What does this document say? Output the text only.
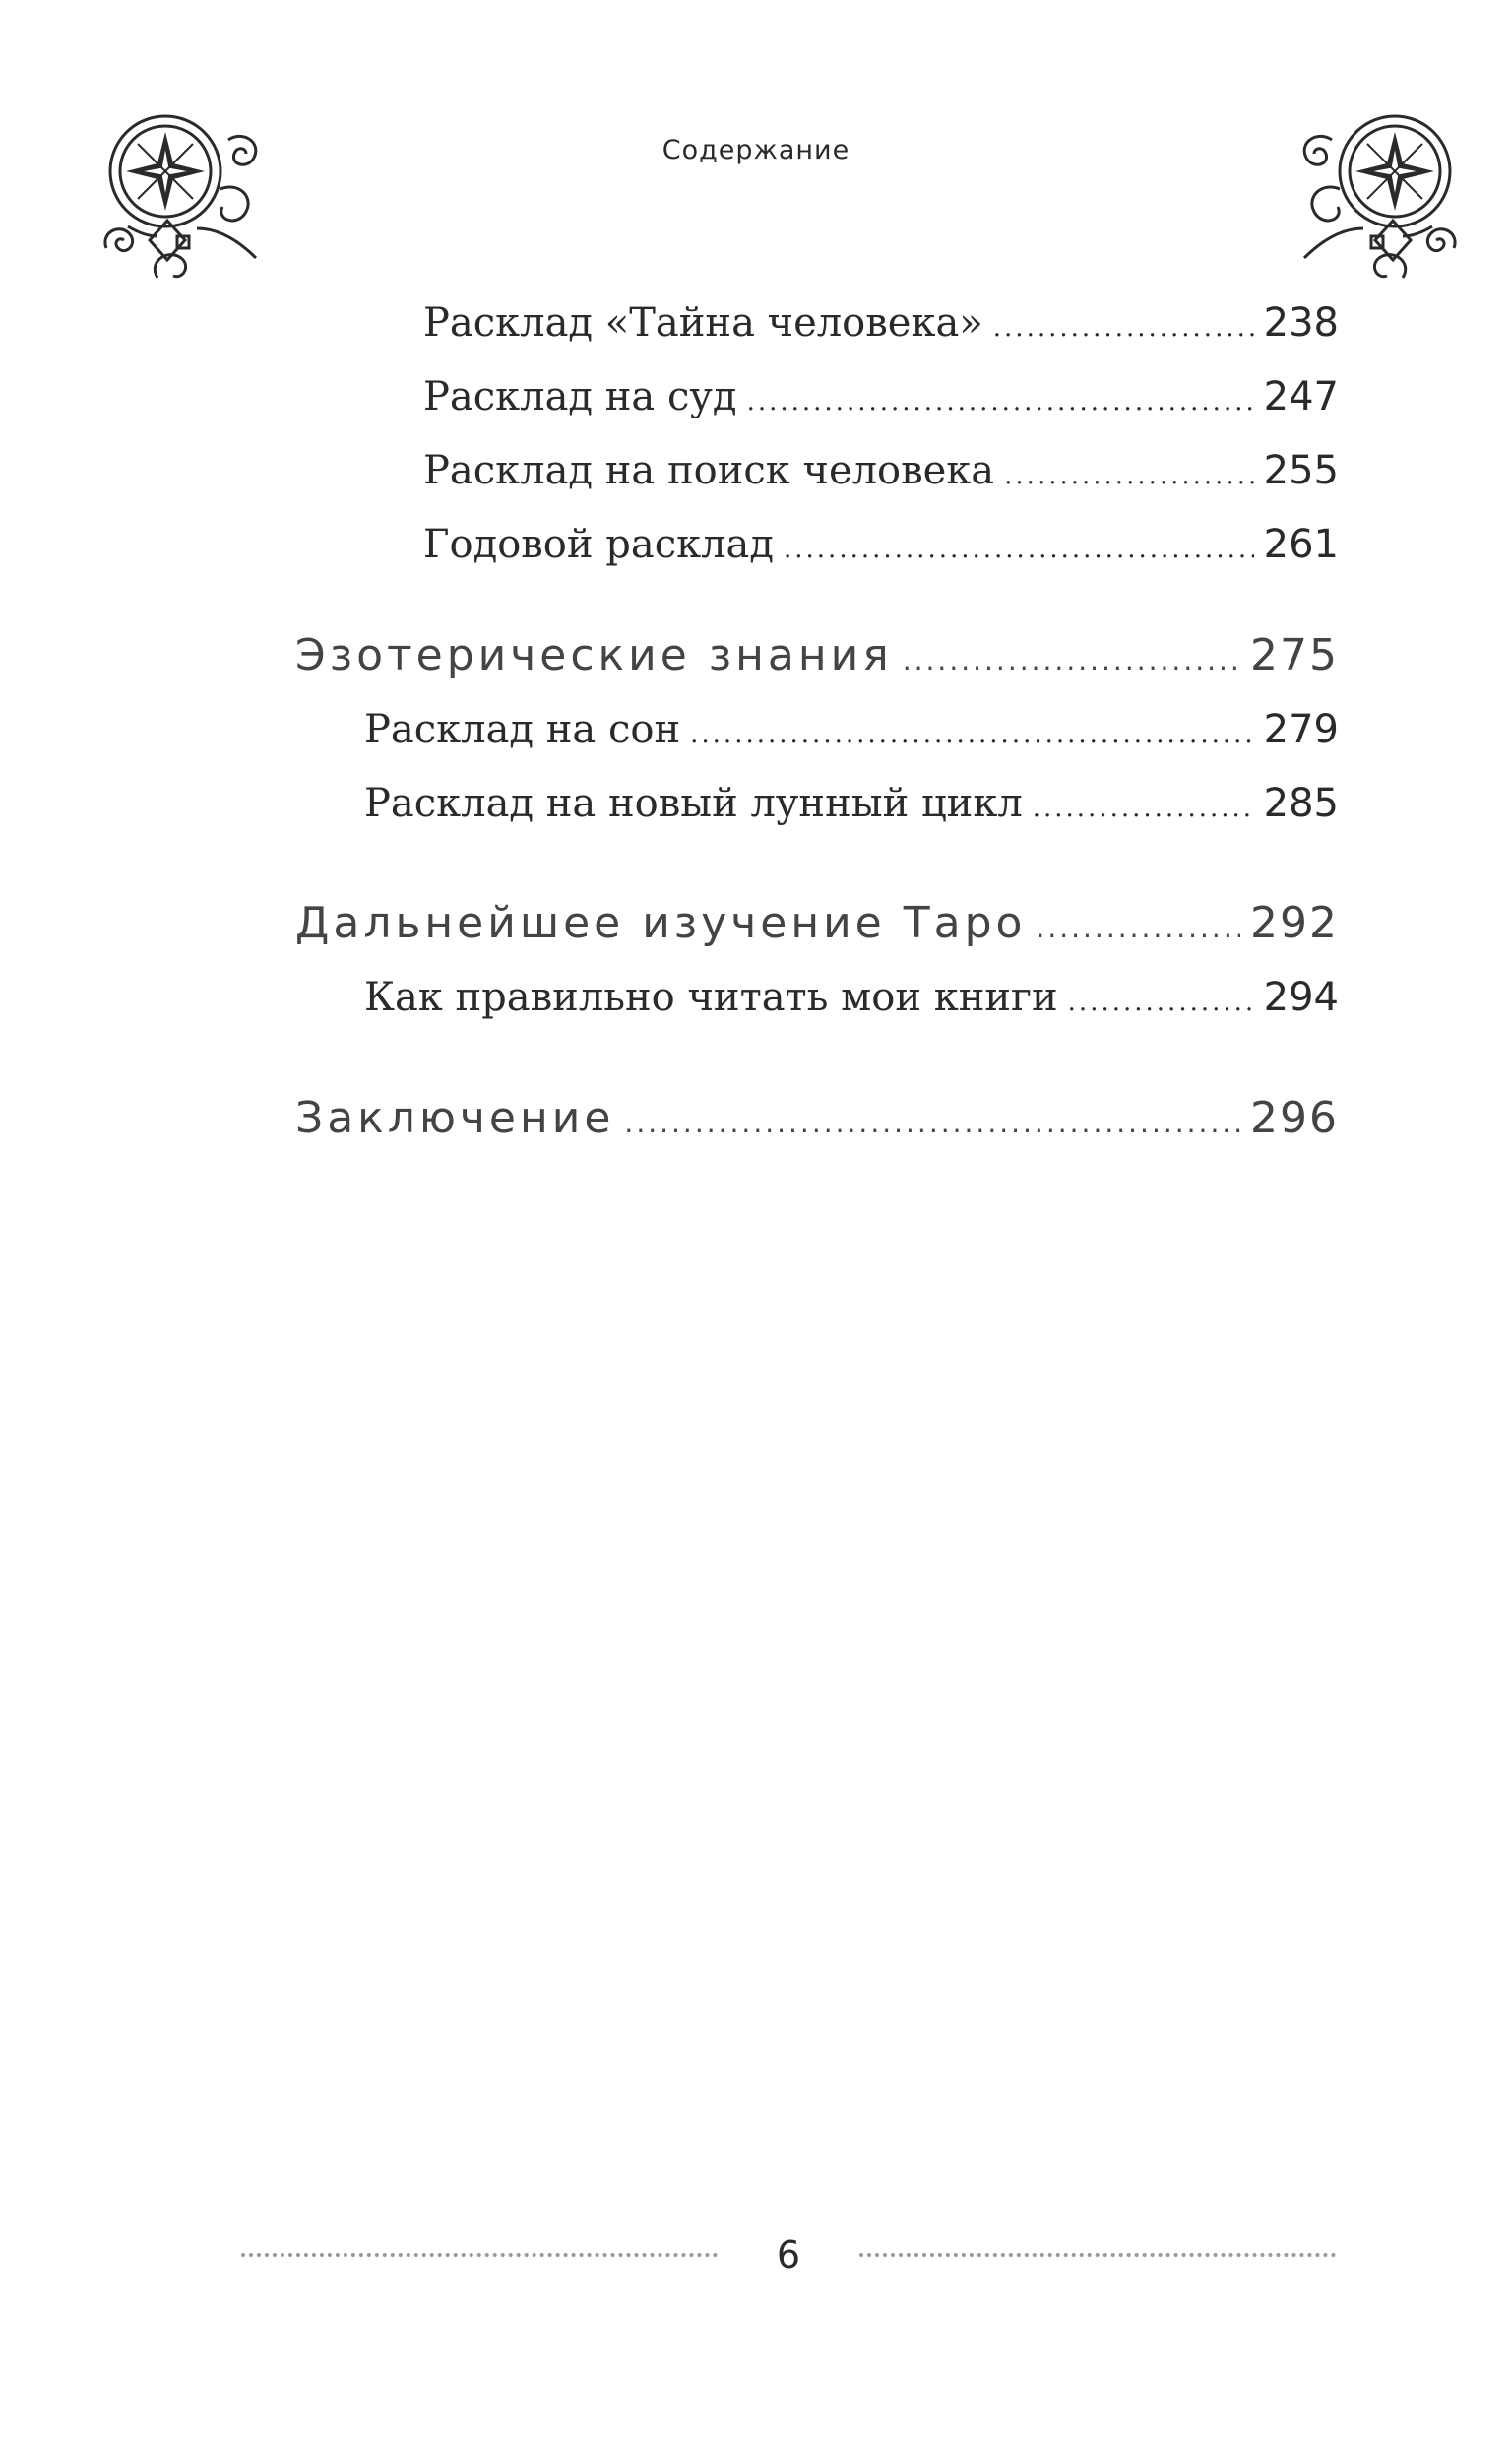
Содержание
Расклад «Тайна человека» .....	238
Расклад на суд .....	247
Расклад на поиск человека .....	255
Годовой расклад .....	261
Эзотерические знания .....	275
Расклад на сон .....	279
Расклад на новый лунный цикл .....	285
Дальнейшее изучение Таро .....	292
Как правильно читать мои книги .....	294
Заключение .....	296
6
